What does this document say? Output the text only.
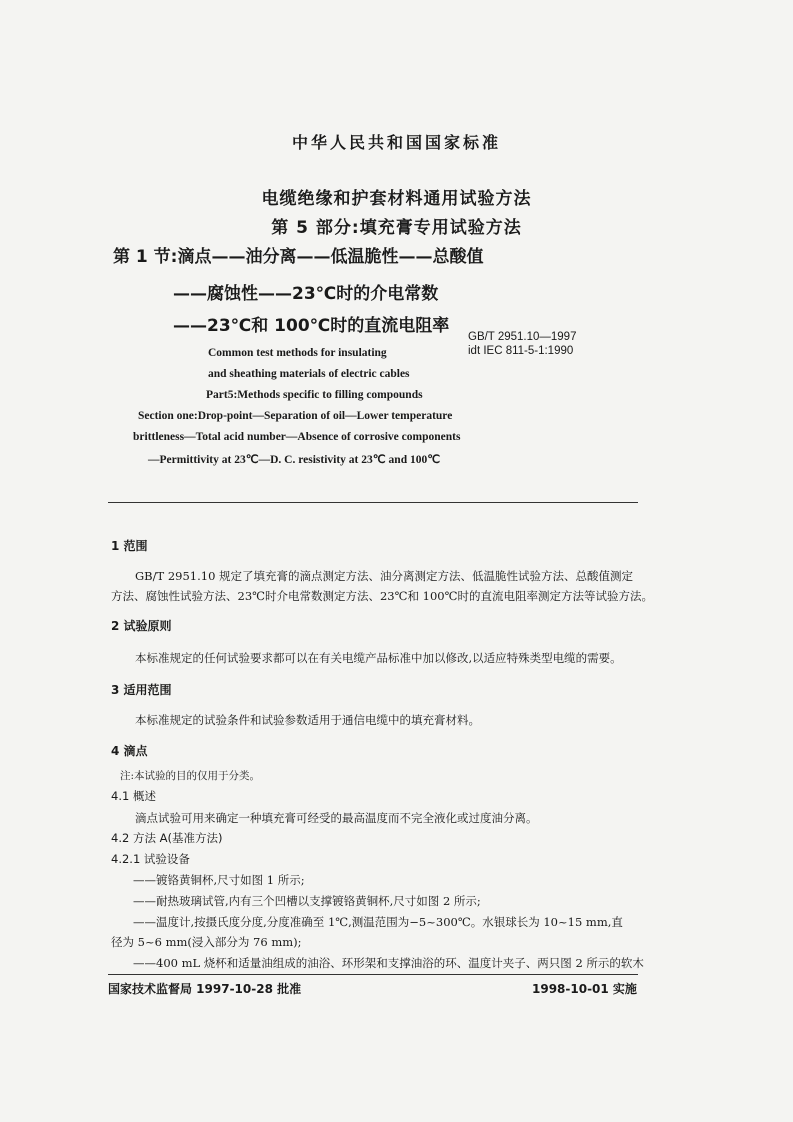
中华人民共和国国家标准
电缆绝缘和护套材料通用试验方法
第 5 部分:填充膏专用试验方法
第 1 节:滴点——油分离——低温脆性——总酸值
——腐蚀性——23℃时的介电常数
——23℃和 100℃时的直流电阻率
GB/T 2951.10—1997
idt IEC 811-5-1:1990
Common test methods for insulating
and sheathing materials of electric cables
Part5:Methods specific to filling compounds
Section one:Drop-point—Separation of oil—Lower temperature
brittleness—Total acid number—Absence of corrosive components
—Permittivity at 23℃—D. C. resistivity at 23℃ and 100℃
1 范围
GB/T 2951.10 规定了填充膏的滴点测定方法、油分离测定方法、低温脆性试验方法、总酸值测定
方法、腐蚀性试验方法、23℃时介电常数测定方法、23℃和 100℃时的直流电阻率测定方法等试验方法。
2 试验原则
本标准规定的任何试验要求都可以在有关电缆产品标准中加以修改,以适应特殊类型电缆的需要。
3 适用范围
本标准规定的试验条件和试验参数适用于通信电缆中的填充膏材料。
4 滴点
注:本试验的目的仅用于分类。
4.1 概述
滴点试验可用来确定一种填充膏可经受的最高温度而不完全液化或过度油分离。
4.2 方法 A(基准方法)
4.2.1 试验设备
——镀铬黄铜杯,尺寸如图 1 所示;
——耐热玻璃试管,内有三个凹槽以支撑镀铬黄铜杯,尺寸如图 2 所示;
——温度计,按摄氏度分度,分度准确至 1℃,测温范围为−5~300℃。水银球长为 10~15 mm,直
径为 5~6 mm(浸入部分为 76 mm);
——400 mL 烧杯和适量油组成的油浴、环形架和支撑油浴的环、温度计夹子、两只图 2 所示的软木
国家技术监督局 1997-10-28 批准	1998-10-01 实施
